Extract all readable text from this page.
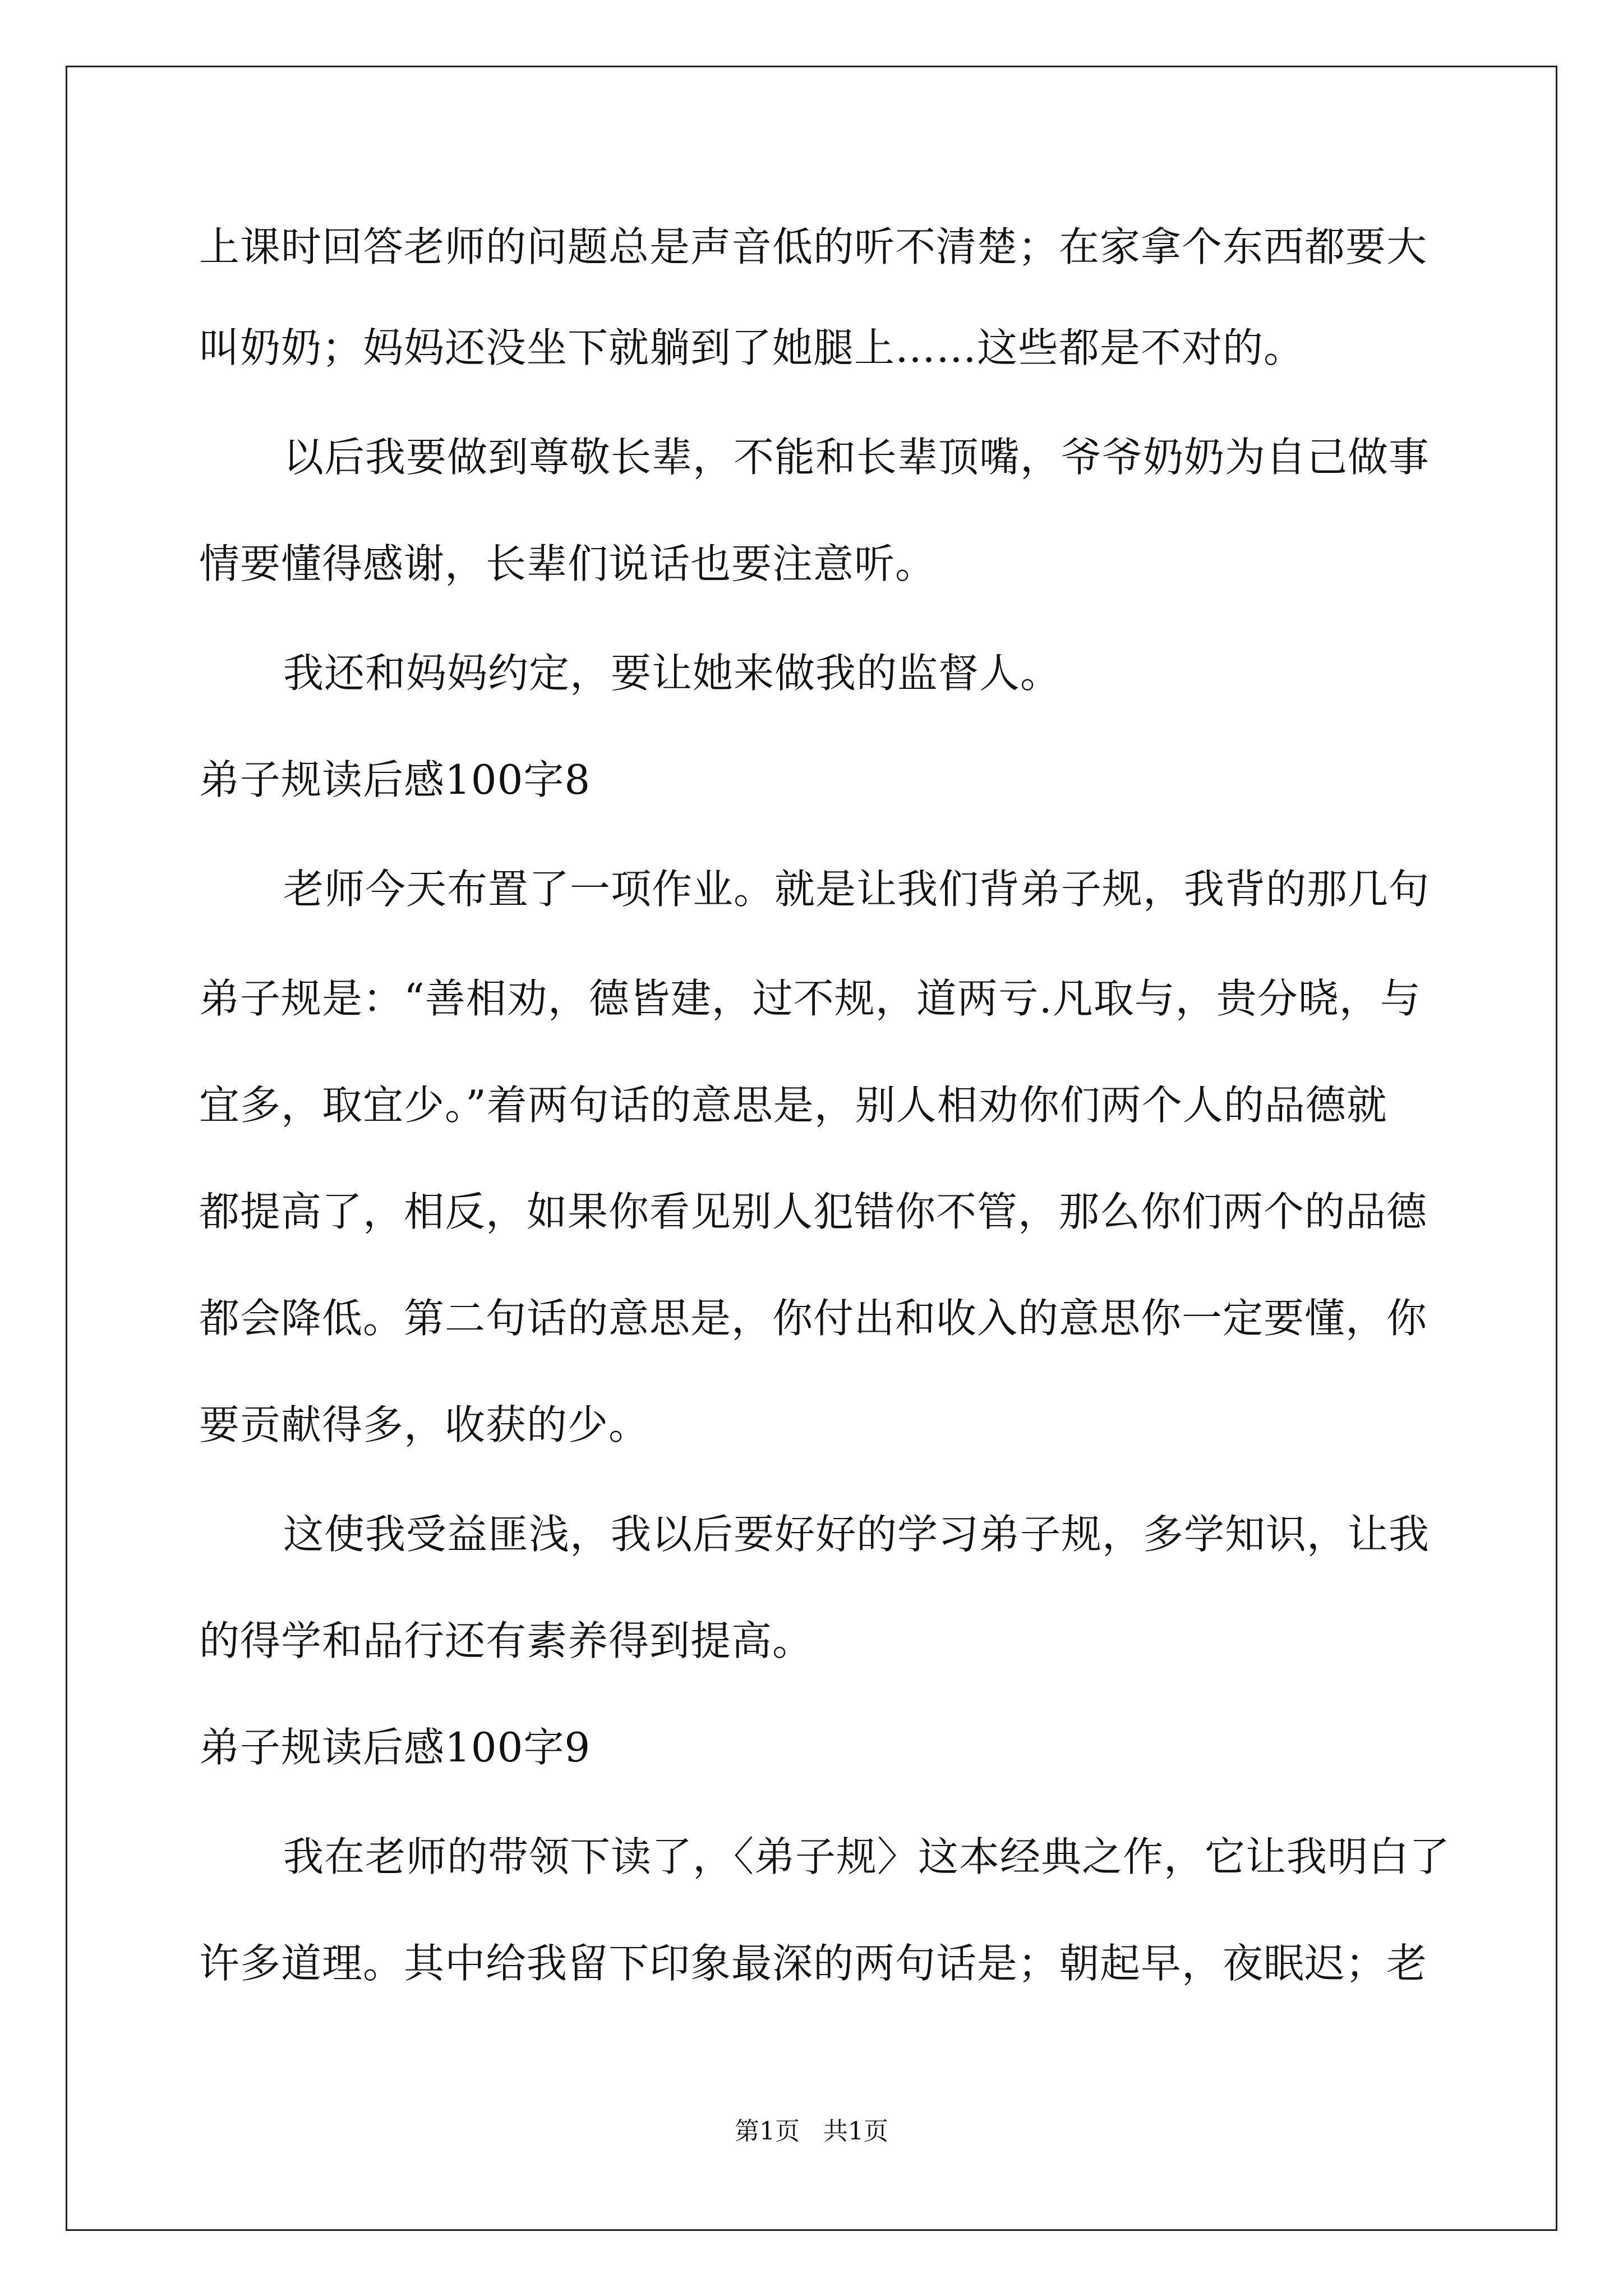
上课时回答老师的问题总是声音低的听不清楚；在家拿个东西都要大
叫奶奶；妈妈还没坐下就躺到了她腿上……这些都是不对的。
以后我要做到尊敬长辈，不能和长辈顶嘴，爷爷奶奶为自己做事
情要懂得感谢，长辈们说话也要注意听。
我还和妈妈约定，要让她来做我的监督人。
弟子规读后感100字8
老师今天布置了一项作业。就是让我们背弟子规，我背的那几句
弟子规是：“善相劝，德皆建，过不规，道两亏.凡取与，贵分晓，与
宜多，取宜少。”着两句话的意思是，别人相劝你们两个人的品德就
都提高了，相反，如果你看见别人犯错你不管，那么你们两个的品德
都会降低。第二句话的意思是，你付出和收入的意思你一定要懂，你
要贡献得多，收获的少。
这使我受益匪浅，我以后要好好的学习弟子规，多学知识，让我
的得学和品行还有素养得到提高。
弟子规读后感100字9
我在老师的带领下读了，〈弟子规〉这本经典之作，它让我明白了
许多道理。其中给我留下印象最深的两句话是；朝起早，夜眠迟；老
第1页   共1页
